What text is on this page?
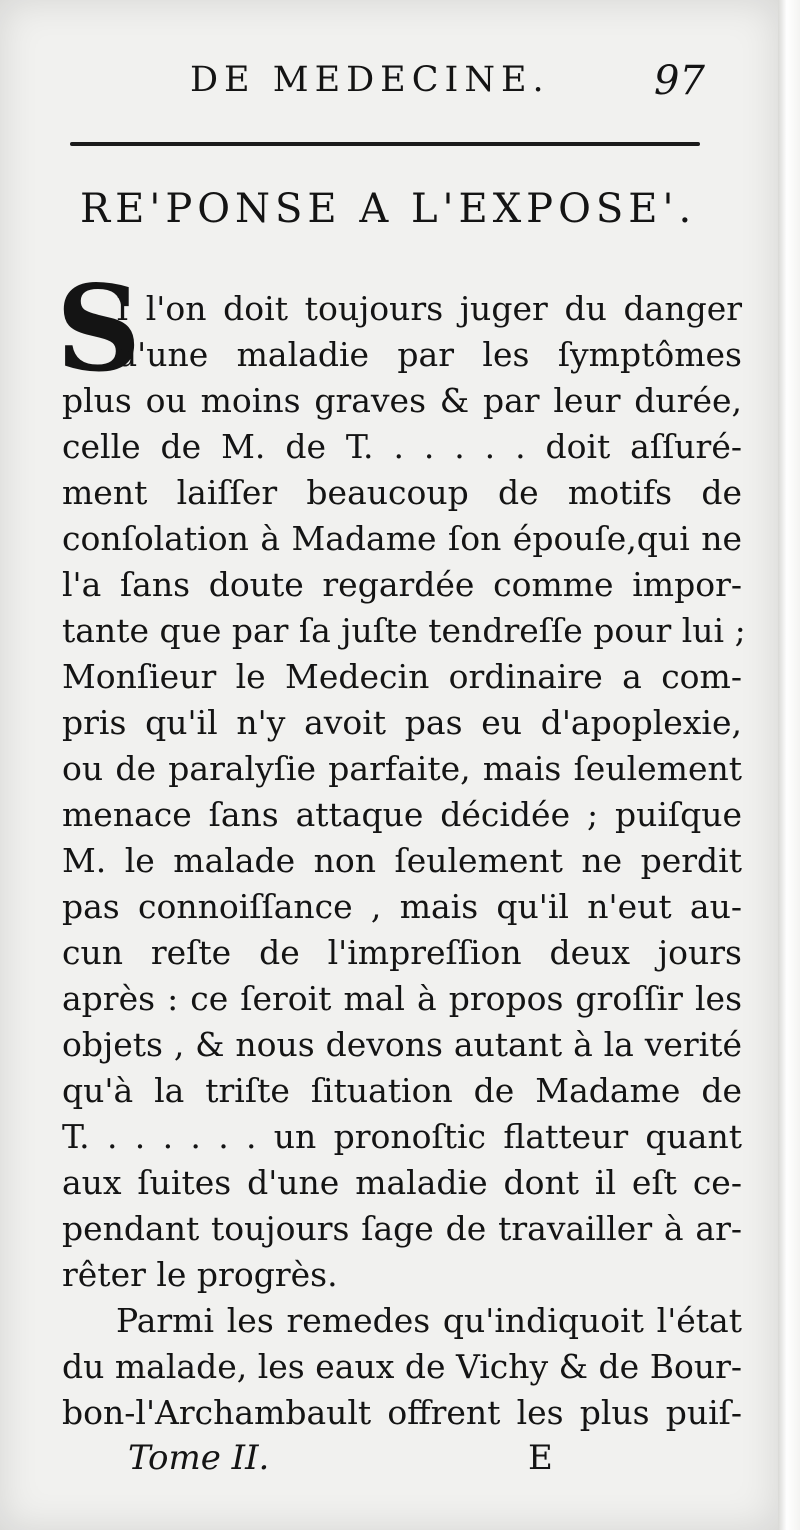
DE MEDECINE.	97
RE'PONSE A L'EXPOSE'.
S
I l'on doit toujours juger du danger
d'une maladie par les ſymptômes
plus ou moins graves & par leur durée,
celle de M. de T. . . . . . doit aſſuré-
ment laiſſer beaucoup de motifs de
conſolation à Madame ſon épouſe,qui ne
l'a ſans doute regardée comme impor-
tante que par ſa juſte tendreſſe pour lui ;
Monſieur le Medecin ordinaire a com-
pris qu'il n'y avoit pas eu d'apoplexie,
ou de paralyſie parfaite, mais ſeulement
menace ſans attaque décidée ; puiſque
M. le malade non ſeulement ne perdit
pas connoiſſance , mais qu'il n'eut au-
cun reſte de l'impreſſion deux jours
après : ce ſeroit mal à propos groſſir les
objets , & nous devons autant à la verité
qu'à la triſte ſituation de Madame de
T. . . . . . . un pronoſtic flatteur quant
aux ſuites d'une maladie dont il eſt ce-
pendant toujours ſage de travailler à ar-
rêter le progrès.
Parmi les remedes qu'indiquoit l'état
du malade, les eaux de Vichy & de Bour-
bon-l'Archambault offrent les plus puiſ-
Tome II.	E
